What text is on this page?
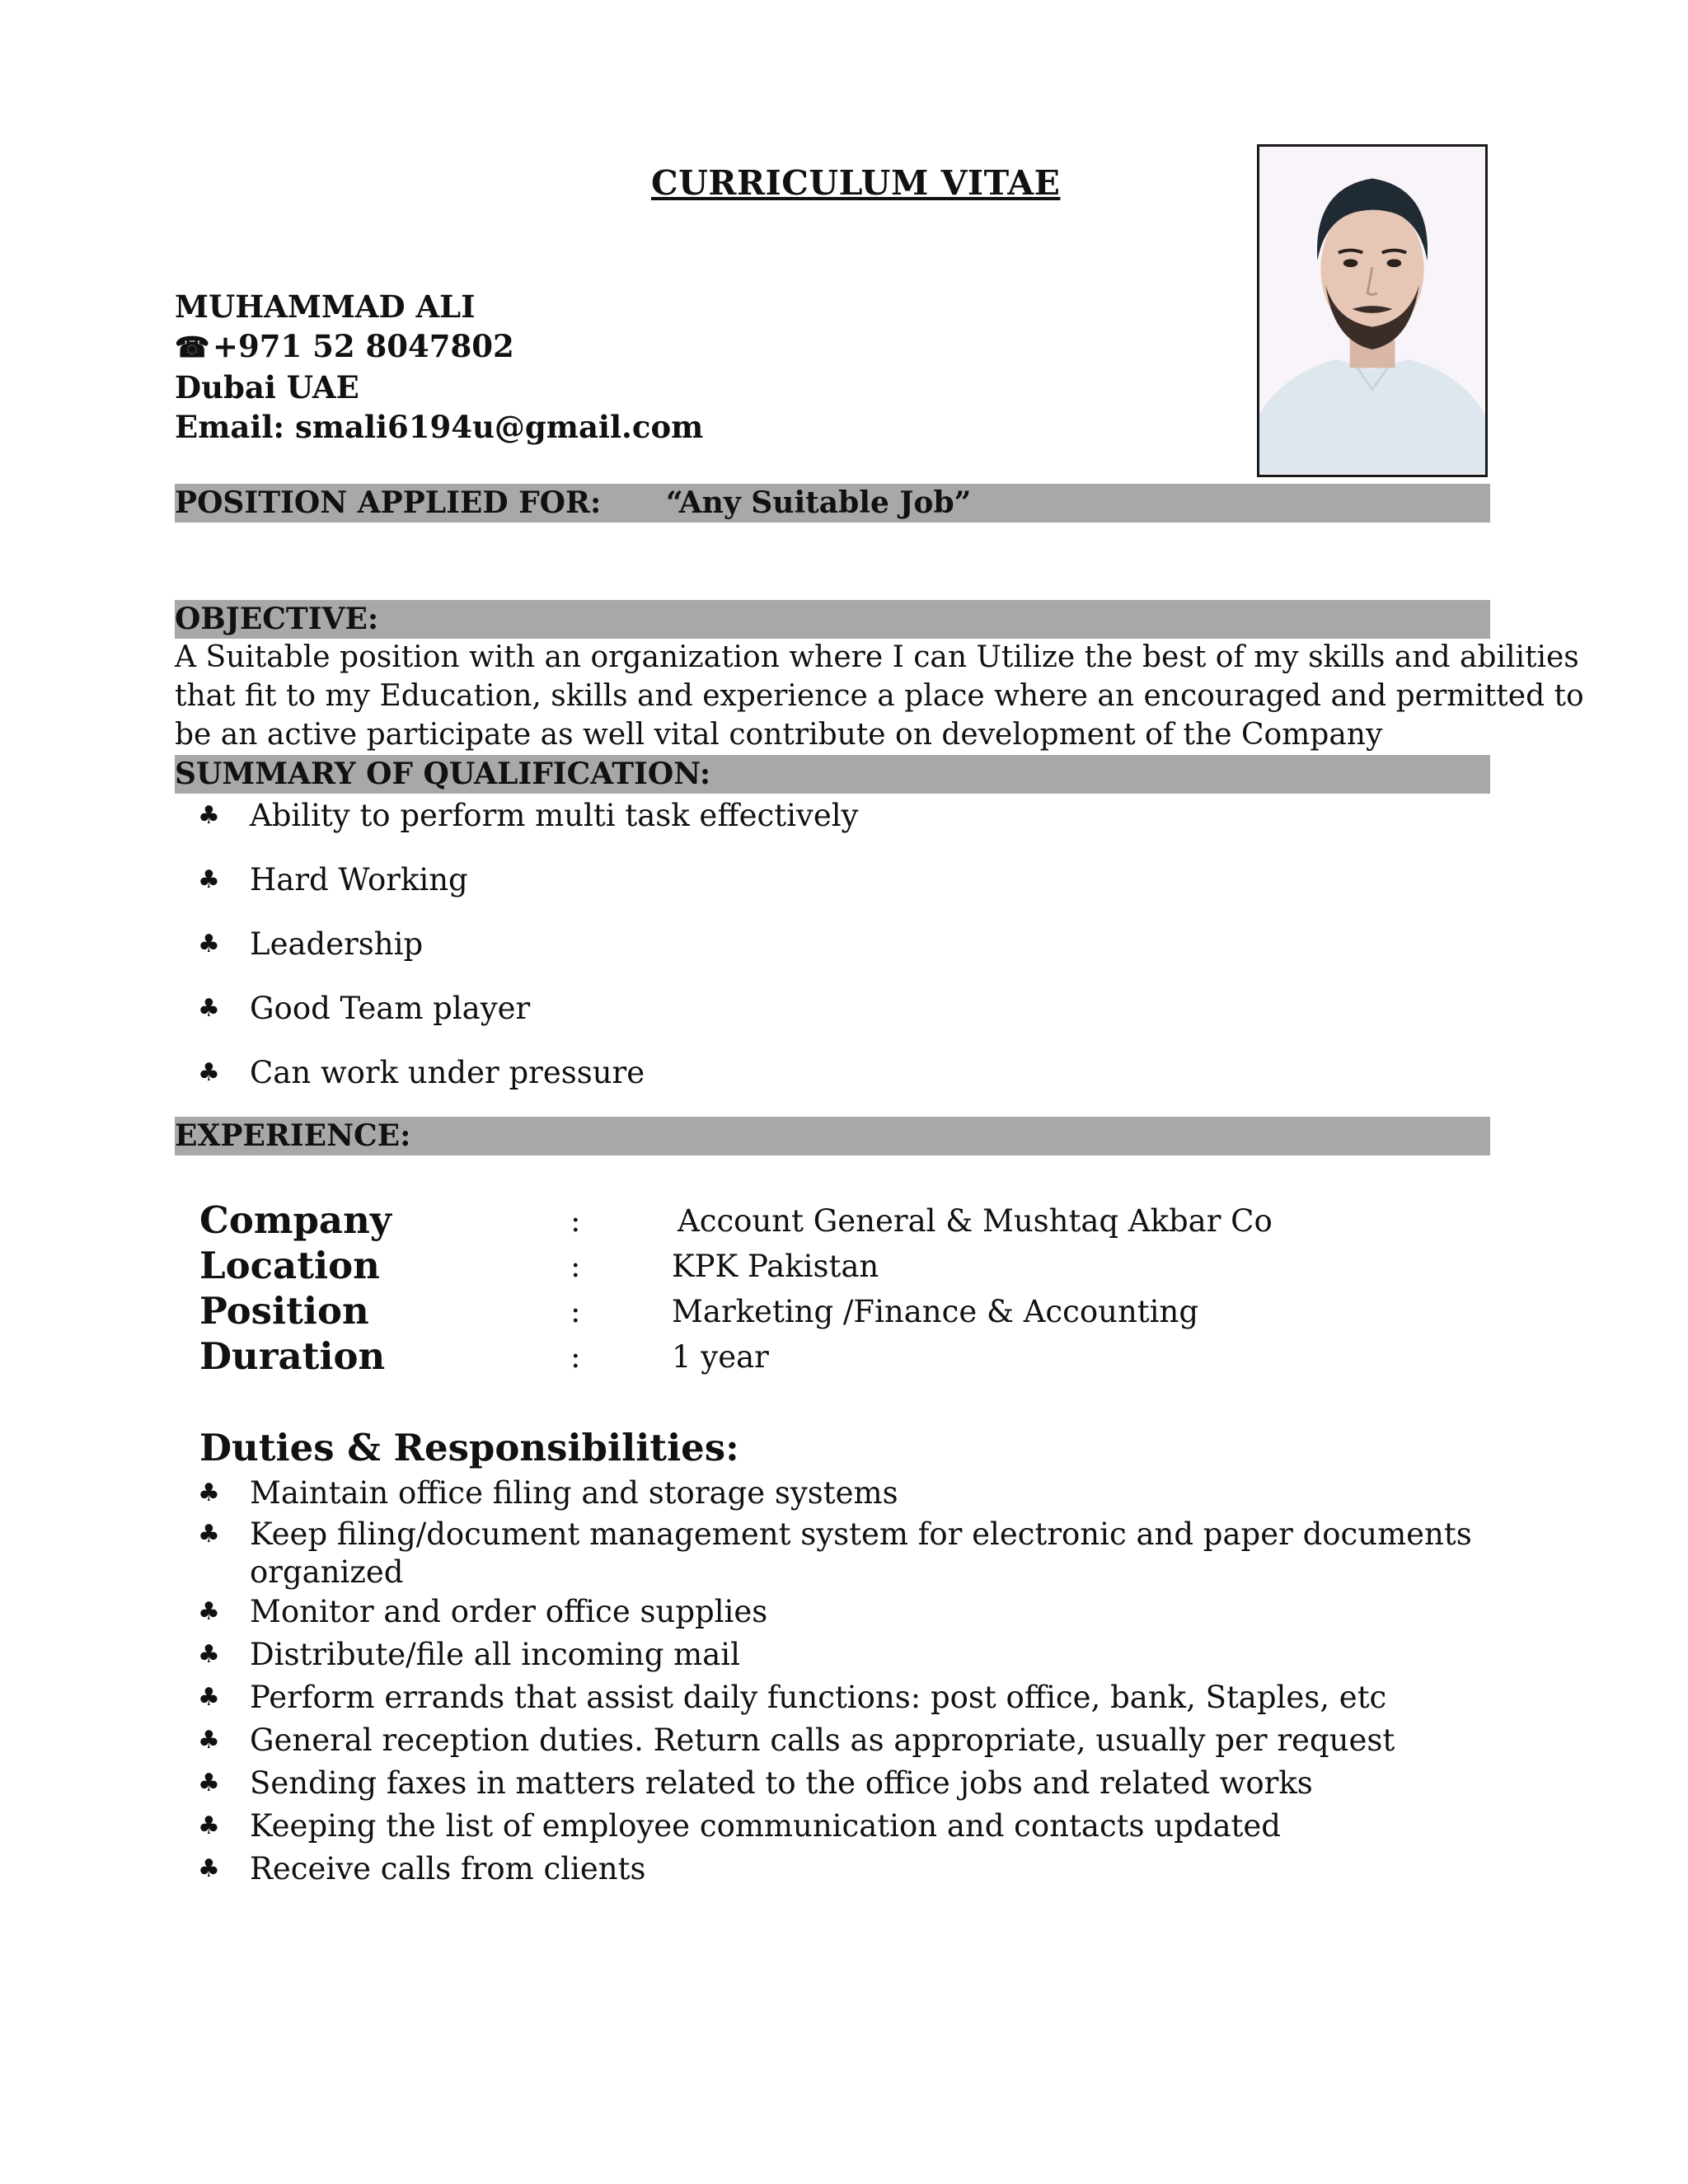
CURRICULUM VITAE
MUHAMMAD ALI
☎+971 52 8047802
Dubai UAE
Email: smali6194u@gmail.com
POSITION APPLIED FOR: “Any Suitable Job”
OBJECTIVE:

A Suitable position with an organization where I can Utilize the best of my skills and abilities

that fit to my Education, skills and experience a place where an encouraged and permitted to

be an active participate as well vital contribute on development of the Company

SUMMARY OF QUALIFICATION:
♣ Ability to perform multi task effectively
♣ Hard Working
♣ Leadership
♣ Good Team player
♣ Can work under pressure
EXPERIENCE:
Company	:	Account General & Mushtaq Akbar Co
Location	:	KPK Pakistan
Position	:	Marketing /Finance & Accounting
Duration	:	1 year
Duties & Responsibilities:
♣ Maintain office filing and storage systems
♣ Keep filing/document management system for electronic and paper documents
organized
♣ Monitor and order office supplies
♣ Distribute/file all incoming mail
♣ Perform errands that assist daily functions: post office, bank, Staples, etc
♣ General reception duties. Return calls as appropriate, usually per request
♣ Sending faxes in matters related to the office jobs and related works
♣ Keeping the list of employee communication and contacts updated
♣ Receive calls from clients
